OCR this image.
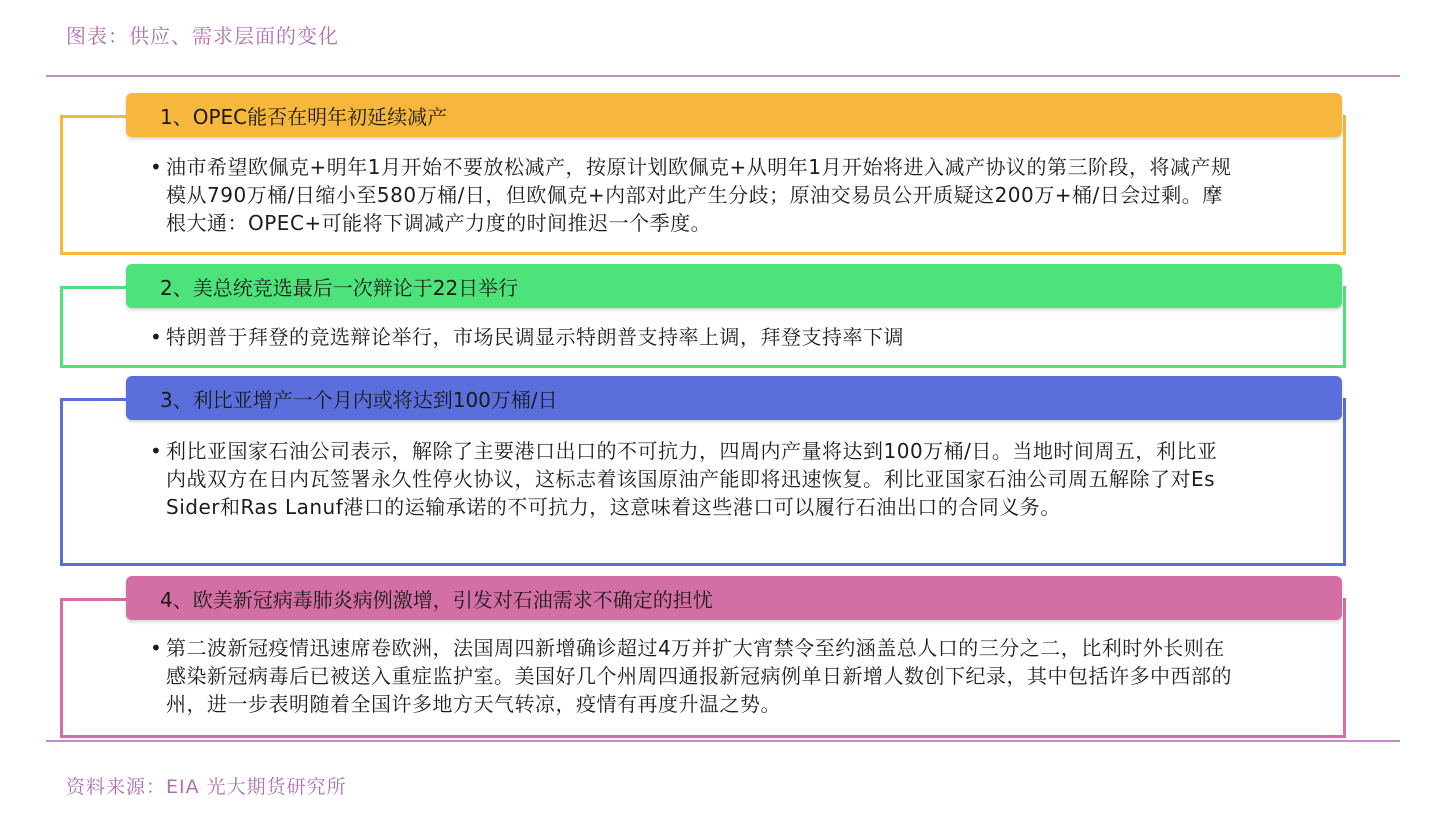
图表：供应、需求层面的变化
1、OPEC能否在明年初延续减产
• 油市希望欧佩克+明年1月开始不要放松减产，按原计划欧佩克+从明年1月开始将进入减产协议的第三阶段，将减产规模从790万桶/日缩小至580万桶/日，但欧佩克+内部对此产生分歧；原油交易员公开质疑这200万+桶/日会过剩。摩根大通：OPEC+可能将下调减产力度的时间推迟一个季度。
2、美总统竞选最后一次辩论于22日举行
• 特朗普于拜登的竞选辩论举行，市场民调显示特朗普支持率上调，拜登支持率下调
3、利比亚增产一个月内或将达到100万桶/日
• 利比亚国家石油公司表示，解除了主要港口出口的不可抗力，四周内产量将达到100万桶/日。当地时间周五，利比亚内战双方在日内瓦签署永久性停火协议，这标志着该国原油产能即将迅速恢复。利比亚国家石油公司周五解除了对Es Sider和Ras Lanuf港口的运输承诺的不可抗力，这意味着这些港口可以履行石油出口的合同义务。
4、欧美新冠病毒肺炎病例激增，引发对石油需求不确定的担忧
• 第二波新冠疫情迅速席卷欧洲，法国周四新增确诊超过4万并扩大宵禁令至约涵盖总人口的三分之二，比利时外长则在感染新冠病毒后已被送入重症监护室。美国好几个州周四通报新冠病例单日新增人数创下纪录，其中包括许多中西部的州，进一步表明随着全国许多地方天气转凉，疫情有再度升温之势。
资料来源：EIA 光大期货研究所
